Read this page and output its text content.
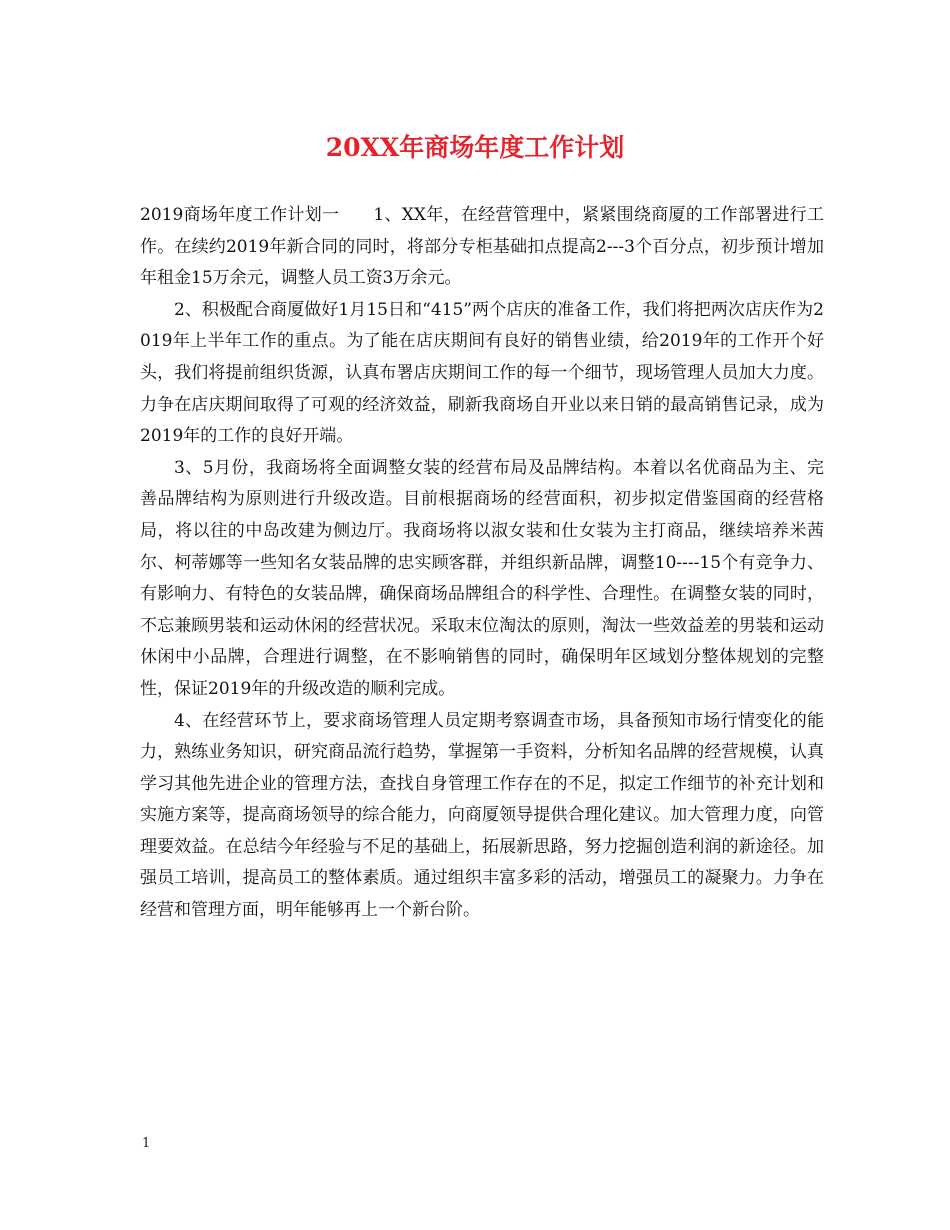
20XX年商场年度工作计划

2019商场年度工作计划一 1、XX年，在经营管理中，紧紧围绕商厦的工作部署进行工作。在续约2019年新合同的同时，将部分专柜基础扣点提高2---3个百分点，初步预计增加年租金15万余元，调整人员工资3万余元。

2、积极配合商厦做好1月15日和“415”两个店庆的准备工作，我们将把两次店庆作为2019年上半年工作的重点。为了能在店庆期间有良好的销售业绩，给2019年的工作开个好头，我们将提前组织货源，认真布署店庆期间工作的每一个细节，现场管理人员加大力度。力争在店庆期间取得了可观的经济效益，刷新我商场自开业以来日销的最高销售记录，成为2019年的工作的良好开端。

3、5月份，我商场将全面调整女装的经营布局及品牌结构。本着以名优商品为主、完善品牌结构为原则进行升级改造。目前根据商场的经营面积，初步拟定借鉴国商的经营格局，将以往的中岛改建为侧边厅。我商场将以淑女装和仕女装为主打商品，继续培养米茜尔、柯蒂娜等一些知名女装品牌的忠实顾客群，并组织新品牌，调整10----15个有竞争力、有影响力、有特色的女装品牌，确保商场品牌组合的科学性、合理性。在调整女装的同时，不忘兼顾男装和运动休闲的经营状况。采取末位淘汰的原则，淘汰一些效益差的男装和运动休闲中小品牌，合理进行调整，在不影响销售的同时，确保明年区域划分整体规划的完整性，保证2019年的升级改造的顺利完成。

4、在经营环节上，要求商场管理人员定期考察调查市场，具备预知市场行情变化的能力，熟练业务知识，研究商品流行趋势，掌握第一手资料，分析知名品牌的经营规模，认真学习其他先进企业的管理方法，查找自身管理工作存在的不足，拟定工作细节的补充计划和实施方案等，提高商场领导的综合能力，向商厦领导提供合理化建议。加大管理力度，向管理要效益。在总结今年经验与不足的基础上，拓展新思路，努力挖掘创造利润的新途径。加强员工培训，提高员工的整体素质。通过组织丰富多彩的活动，增强员工的凝聚力。力争在经营和管理方面，明年能够再上一个新台阶。

1
